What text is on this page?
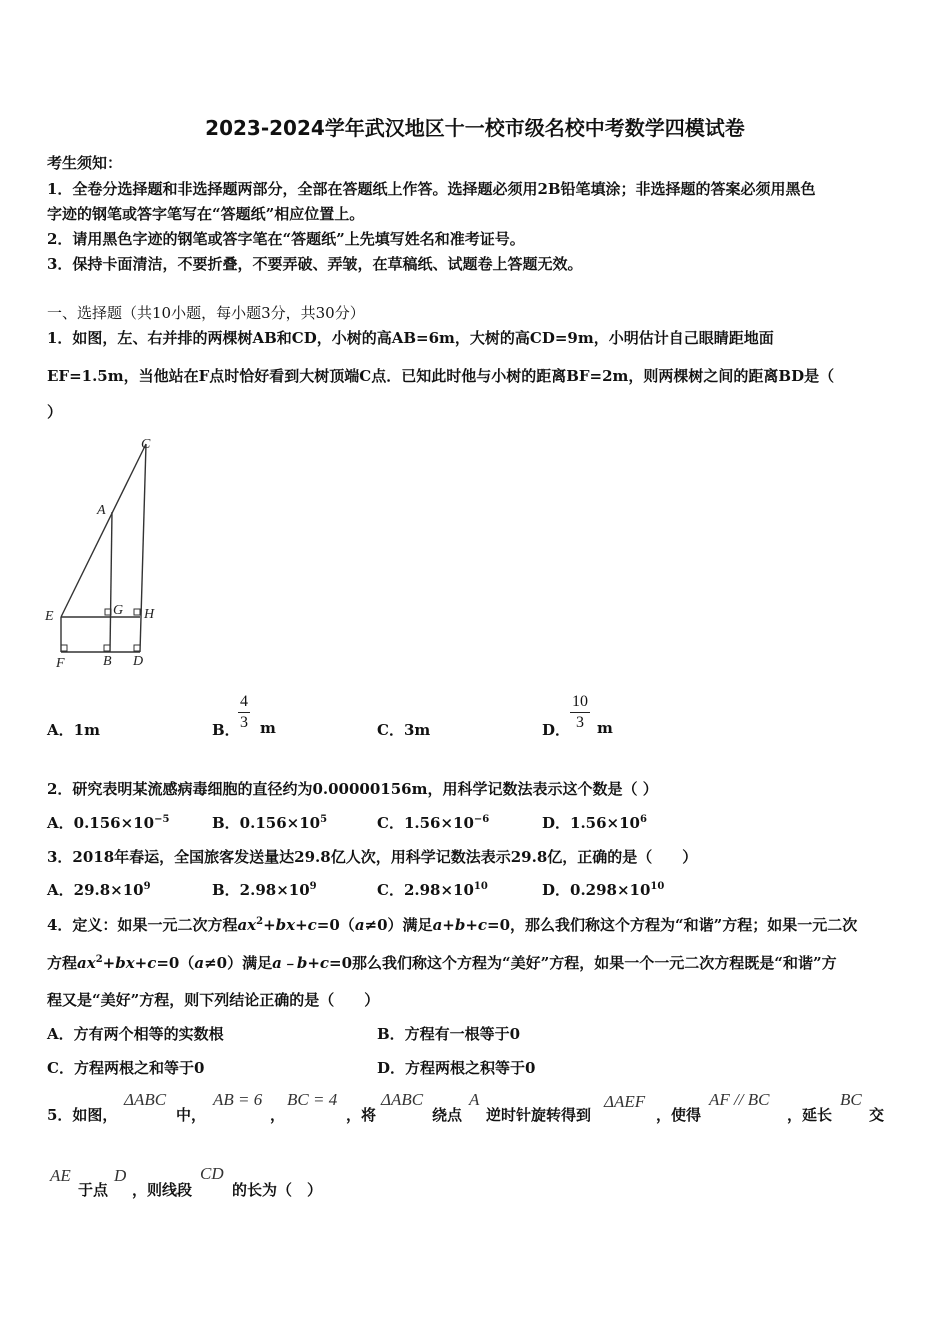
2023-2024学年武汉地区十一校市级名校中考数学四模试卷
考生须知：
1．全卷分选择题和非选择题两部分，全部在答题纸上作答。选择题必须用2B铅笔填涂；非选择题的答案必须用黑色
字迹的钢笔或答字笔写在“答题纸”相应位置上。
2．请用黑色字迹的钢笔或答字笔在“答题纸”上先填写姓名和准考证号。
3．保持卡面清洁，不要折叠，不要弄破、弄皱，在草稿纸、试题卷上答题无效。
一、选择题（共10小题，每小题3分，共30分）
1．如图，左、右并排的两棵树AB和CD，小树的高AB=6m，大树的高CD=9m，小明估计自己眼睛距地面
EF=1.5m，当他站在F点时恰好看到大树顶端C点．已知此时他与小树的距离BF=2m，则两棵树之间的距离BD是（
）
C
A
E	G H
F	B D
A．1m	B．
$\frac{4}{3}$ m	C．3m	D． $\frac{10}{3}$ m
2．研究表明某流感病毒细胞的直径约为0.00000156m，用科学记数法表示这个数是（ ）
A．$0.156\times 10^{-5}$	B．$0.156\times 10^5$	C．$1.56\times 10^{-6}$	D．$1.56\times 10^6$
3．2018年春运，全国旅客发送量达29.8亿人次，用科学记数法表示29.8亿，正确的是（　　）
A．$29.8\times 10^9$	B．$2.98\times 10^9$	C．$2.98\times 10^{10}$	D．$0.298\times 10^{10}$
4．定义：如果一元二次方程$ax^2+bx+c=0(a\ne 0)$满足a+b+c=0，那么我们称这个方程为“和谐”方程；如果一元二次
方程$ax^2+bx+c=0(a\ne 0)$满足a﹣b+c=0那么我们称这个方程为“美好”方程，如果一个一元二次方程既是“和谐”方
程又是“美好”方程，则下列结论正确的是（　　）
A．方有两个相等的实数根	B．方程有一根等于0
C．方程两根之和等于0	D．方程两根之积等于0
5．如图，
ΔABC
中，
AB = 6
，
BC = 4
，将
ΔABC
绕点
A
逆时针旋转得到
ΔAEF
，使得
AF // BC
，延长
BC
交
AE
于点
D
，则线段
CD
的长为（　）
